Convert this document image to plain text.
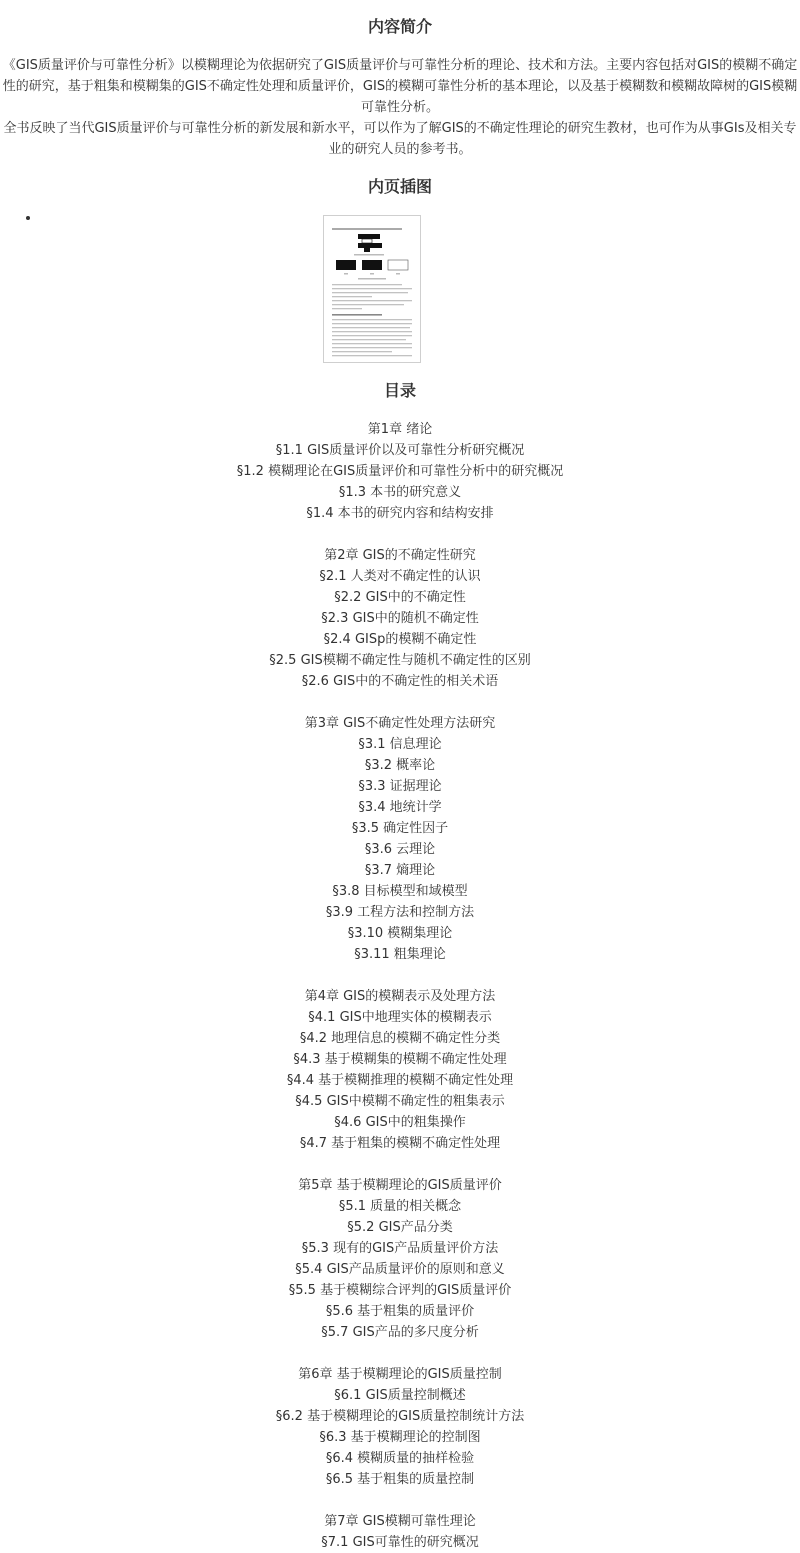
内容简介

《GIS质量评价与可靠性分析》以模糊理论为依据研究了GIS质量评价与可靠性分析的理论、技术和方法。主要内容包括对GIS的模糊不确定性的研究，基于粗集和模糊集的GIS不确定性处理和质量评价，GIS的模糊可靠性分析的基本理论，以及基于模糊数和模糊故障树的GIS模糊可靠性分析。

全书反映了当代GIS质量评价与可靠性分析的新发展和新水平，可以作为了解GIS的不确定性理论的研究生教材，也可作为从事GIs及相关专业的研究人员的参考书。

内页插图
•
目录
第1章 绪论
§1.1 GIS质量评价以及可靠性分析研究概况
§1.2 模糊理论在GIS质量评价和可靠性分析中的研究概况
§1.3 本书的研究意义
§1.4 本书的研究内容和结构安排
第2章 GIS的不确定性研究
§2.1 人类对不确定性的认识
§2.2 GIS中的不确定性
§2.3 GIS中的随机不确定性
§2.4 GISp的模糊不确定性
§2.5 GIS模糊不确定性与随机不确定性的区别
§2.6 GIS中的不确定性的相关术语
第3章 GIS不确定性处理方法研究
§3.1 信息理论
§3.2 概率论
§3.3 证据理论
§3.4 地统计学
§3.5 确定性因子
§3.6 云理论
§3.7 熵理论
§3.8 目标模型和域模型
§3.9 工程方法和控制方法
§3.10 模糊集理论
§3.11 粗集理论
第4章 GIS的模糊表示及处理方法
§4.1 GIS中地理实体的模糊表示
§4.2 地理信息的模糊不确定性分类
§4.3 基于模糊集的模糊不确定性处理
§4.4 基于模糊推理的模糊不确定性处理
§4.5 GIS中模糊不确定性的粗集表示
§4.6 GIS中的粗集操作
§4.7 基于粗集的模糊不确定性处理
第5章 基于模糊理论的GIS质量评价
§5.1 质量的相关概念
§5.2 GIS产品分类
§5.3 现有的GIS产品质量评价方法
§5.4 GIS产品质量评价的原则和意义
§5.5 基于模糊综合评判的GIS质量评价
§5.6 基于粗集的质量评价
§5.7 GIS产品的多尺度分析
第6章 基于模糊理论的GIS质量控制
§6.1 GIS质量控制概述
§6.2 基于模糊理论的GIS质量控制统计方法
§6.3 基于模糊理论的控制图
§6.4 模糊质量的抽样检验
§6.5 基于粗集的质量控制
第7章 GIS模糊可靠性理论
§7.1 GIS可靠性的研究概况
